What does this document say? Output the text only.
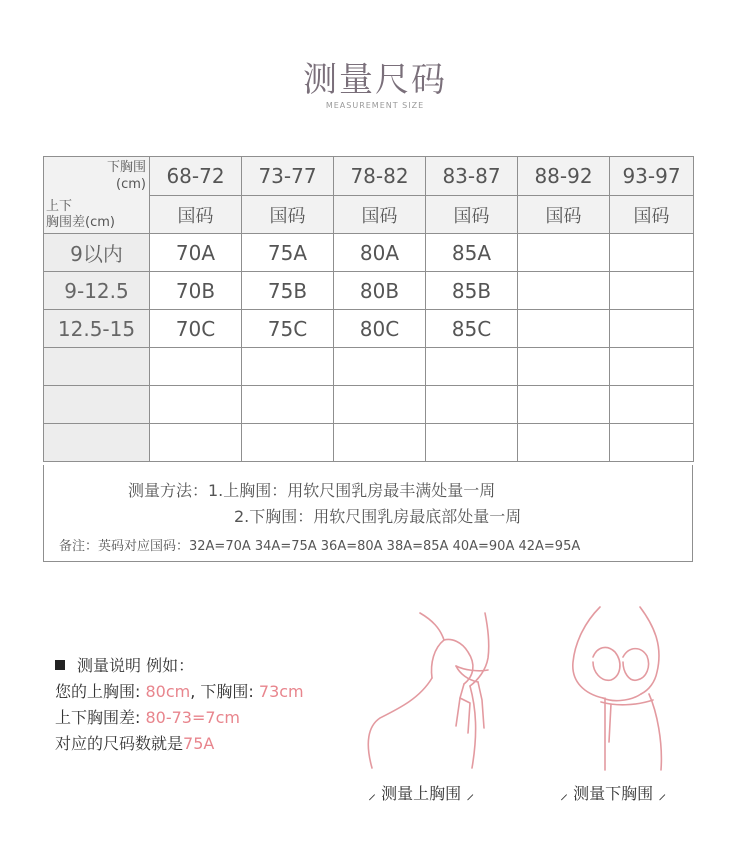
测量尺码
MEASUREMENT SIZE
下胸围
(cm)
上下
胸围差(cm)	68-72	73-77	78-82	83-87	88-92	93-97
	国码	国码	国码	国码	国码	国码
9以内	70A	75A	80A	85A		
9-12.5	70B	75B	80B	85B		
12.5-15	70C	75C	80C	85C		

测量方法：1.上胸围：用软尺围乳房最丰满处量一周
2.下胸围：用软尺围乳房最底部处量一周
备注：英码对应国码：32A=70A 34A=75A 36A=80A 38A=85A 40A=90A 42A=95A
测量说明 例如：
您的上胸围: 80cm, 下胸围: 73cm
上下胸围差: 80-73=7cm
对应的尺码数就是75A
⸝ 测量上胸围 ⸝	⸝ 测量下胸围 ⸝
